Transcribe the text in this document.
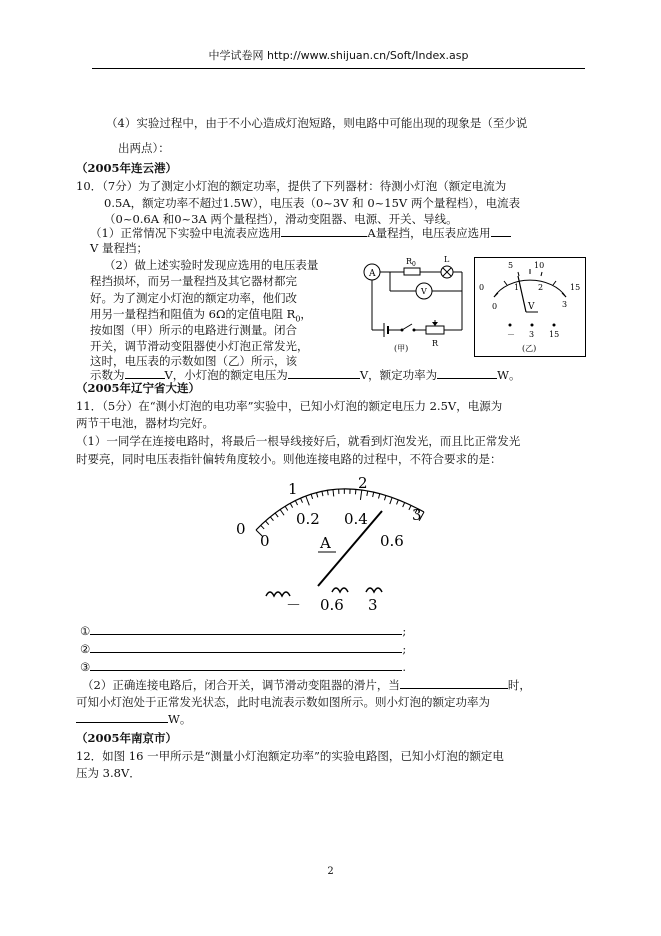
中学试卷网 http://www.shijuan.cn/Soft/Index.asp
（4）实验过程中，由于不小心造成灯泡短路，则电路中可能出现的现象是（至少说
出两点）：
（2005年连云港）
10．（7分）为了测定小灯泡的额定功率，提供了下列器材：待测小灯泡（额定电流为
0.5A，额定功率不超过1.5W），电压表（0~3V 和 0~15V 两个量程档），电流表
（0~0.6A 和0~3A 两个量程挡），滑动变阻器、电源、开关、导线。
（1）正常情况下实验中电流表应选用	A量程挡，电压表应选用
V 量程挡；
（2）做上述实验时发现应选用的电压表量
程挡损坏，而另一量程挡及其它器材都完
好。为了测定小灯泡的额定功率，他们改
用另一量程挡和阻值为 6Ω的定值电阻 $R_0$，
按如图（甲）所示的电路进行测量。闭合
开关，调节滑动变阻器使小灯泡正常发光，
这时，电压表的示数如图（乙）所示，该
示数为	V，小灯泡的额定电压为	V，额定功率为	W。
A
$R_0$
L
V
R
(甲)
5	10
0	15
0
1 2
3
V
－ 3 15
(乙)
（2005年辽宁省大连）
11．（5分）在“测小灯泡的电功率”实验中，已知小灯泡的额定电压力 2.5V，电源为
两节干电池，器材均完好。
（1）一同学在连接电路时，将最后一根导线接好后，就看到灯泡发光，而且比正常发光
时要亮，同时电压表指针偏转角度较小。则他连接电路的过程中，不符合要求的是：
0
1	2
3
0
0.2 0.4
0.6
A
－ 0.6 3
①	;
②	;
③	.
（2）正确连接电路后，闭合开关，调节滑动变阻器的滑片，当	时，
可知小灯泡处于正常发光状态，此时电流表示数如图所示。则小灯泡的额定功率为
W。
（2005年南京市）
12．如图 16 一甲所示是“测量小灯泡额定功率”的实验电路图，已知小灯泡的额定电
压为 3.8V．
2
